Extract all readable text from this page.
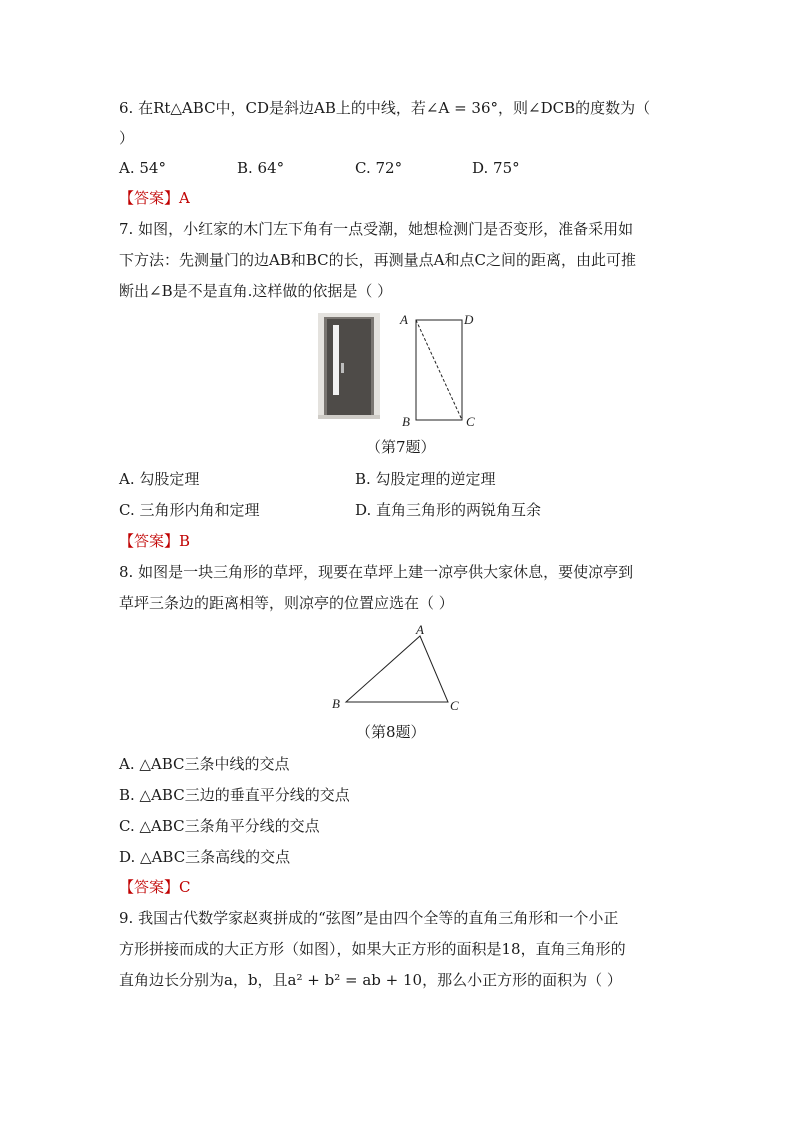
6. 在Rt△ABC中，CD是斜边AB上的中线，若∠A = 36°，则∠DCB的度数为（
）
A. 54°	B. 64°	C. 72°	D. 75°
【答案】A
7. 如图，小红家的木门左下角有一点受潮，她想检测门是否变形，准备采用如
下方法：先测量门的边AB和BC的长，再测量点A和点C之间的距离，由此可推
断出∠B是不是直角.这样做的依据是（ ）
A	D
B	C
（第7题）
A. 勾股定理	B. 勾股定理的逆定理
C. 三角形内角和定理	D. 直角三角形的两锐角互余
【答案】B
8. 如图是一块三角形的草坪，现要在草坪上建一凉亭供大家休息，要使凉亭到
草坪三条边的距离相等，则凉亭的位置应选在（ ）
A
B	C
（第8题）
A. △ABC三条中线的交点
B. △ABC三边的垂直平分线的交点
C. △ABC三条角平分线的交点
D. △ABC三条高线的交点
【答案】C
9. 我国古代数学家赵爽拼成的“弦图”是由四个全等的直角三角形和一个小正
方形拼接而成的大正方形（如图），如果大正方形的面积是18，直角三角形的
直角边长分别为a，b，且a² + b² = ab + 10，那么小正方形的面积为（ ）
